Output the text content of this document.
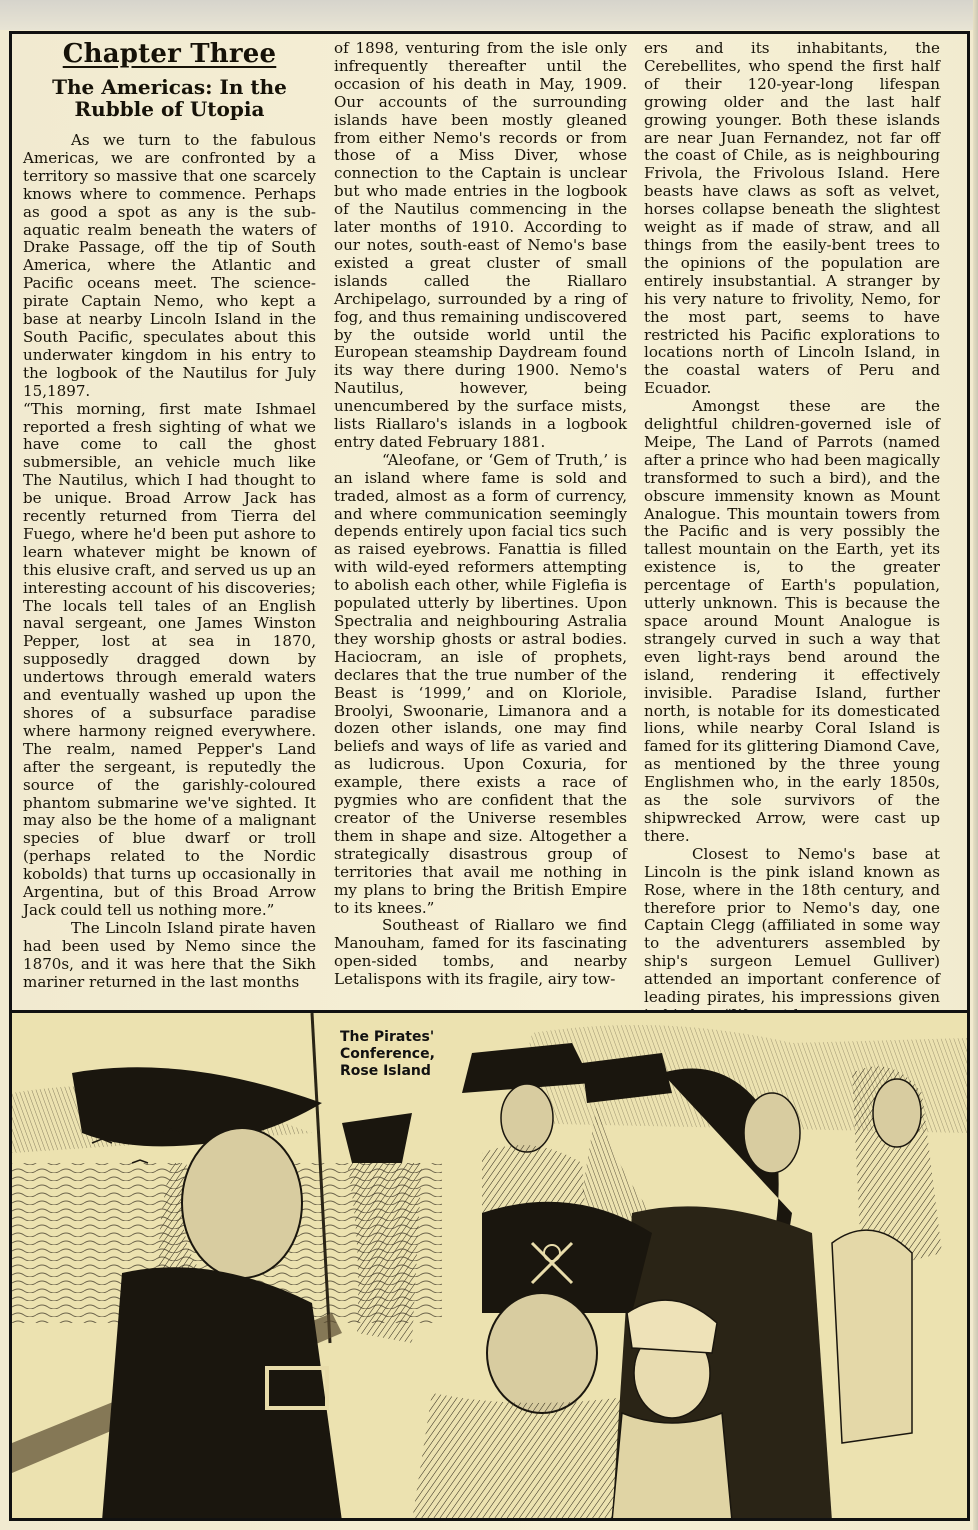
Chapter Three
The Americas: In the Rubble of Utopia

As we turn to the fabulous Americas, we are confronted by a territory so massive that one scarcely knows where to commence. Perhaps as good a spot as any is the sub-aquatic realm beneath the waters of Drake Passage, off the tip of South America, where the Atlantic and Pacific oceans meet. The science-pirate Captain Nemo, who kept a base at nearby Lincoln Island in the South Pacific, speculates about this underwater kingdom in his entry to the logbook of the Nautilus for July 15,1897.

“This morning, first mate Ishmael reported a fresh sighting of what we have come to call the ghost submersible, an vehicle much like The Nautilus, which I had thought to be unique. Broad Arrow Jack has recently returned from Tierra del Fuego, where he'd been put ashore to learn whatever might be known of this elusive craft, and served us up an interesting account of his discoveries; The locals tell tales of an English naval sergeant, one James Winston Pepper, lost at sea in 1870, supposedly dragged down by undertows through emerald waters and eventually washed up upon the shores of a subsurface paradise where harmony reigned everywhere. The realm, named Pepper's Land after the sergeant, is reputedly the source of the garishly-coloured phantom submarine we've sighted. It may also be the home of a malignant species of blue dwarf or troll (perhaps related to the Nordic kobolds) that turns up occasionally in Argentina, but of this Broad Arrow Jack could tell us nothing more.”

The Lincoln Island pirate haven had been used by Nemo since the 1870s, and it was here that the Sikh mariner returned in the last months

of 1898, venturing from the isle only infrequently thereafter until the occasion of his death in May, 1909. Our accounts of the surrounding islands have been mostly gleaned from either Nemo's records or from those of a Miss Diver, whose connection to the Captain is unclear but who made entries in the logbook of the Nautilus commencing in the later months of 1910. According to our notes, south-east of Nemo's base existed a great cluster of small islands called the Riallaro Archipelago, surrounded by a ring of fog, and thus remaining undiscovered by the outside world until the European steamship Daydream found its way there during 1900. Nemo's Nautilus, however, being unencumbered by the surface mists, lists Riallaro's islands in a logbook entry dated February 1881.

“Aleofane, or ‘Gem of Truth,’ is an island where fame is sold and traded, almost as a form of currency, and where communication seemingly depends entirely upon facial tics such as raised eyebrows. Fanattia is filled with wild-eyed reformers attempting to abolish each other, while Figlefia is populated utterly by libertines. Upon Spectralia and neighbouring Astralia they worship ghosts or astral bodies. Haciocram, an isle of prophets, declares that the true number of the Beast is ‘1999,’ and on Kloriole, Broolyi, Swoonarie, Limanora and a dozen other islands, one may find beliefs and ways of life as varied and as ludicrous. Upon Coxuria, for example, there exists a race of pygmies who are confident that the creator of the Universe resembles them in shape and size. Altogether a strategically disastrous group of territories that avail me nothing in my plans to bring the British Empire to its knees.”

Southeast of Riallaro we find Manouham, famed for its fascinating open-sided tombs, and nearby Letalispons with its fragile, airy tow-

ers and its inhabitants, the Cerebellites, who spend the first half of their 120-year-long lifespan growing older and the last half growing younger. Both these islands are near Juan Fernandez, not far off the coast of Chile, as is neighbouring Frivola, the Frivolous Island. Here beasts have claws as soft as velvet, horses collapse beneath the slightest weight as if made of straw, and all things from the easily-bent trees to the opinions of the population are entirely insubstantial. A stranger by his very nature to frivolity, Nemo, for the most part, seems to have restricted his Pacific explorations to locations north of Lincoln Island, in the coastal waters of Peru and Ecuador.

Amongst these are the delightful children-governed isle of Meipe, The Land of Parrots (named after a prince who had been magically transformed to such a bird), and the obscure immensity known as Mount Analogue. This mountain towers from the Pacific and is very possibly the tallest mountain on the Earth, yet its existence is, to the greater percentage of Earth's population, utterly unknown. This is because the space around Mount Analogue is strangely curved in such a way that even light-rays bend around the island, rendering it effectively invisible. Paradise Island, further north, is notable for its domesticated lions, while nearby Coral Island is famed for its glittering Diamond Cave, as mentioned by the three young Englishmen who, in the early 1850s, as the sole survivors of the shipwrecked Arrow, were cast up there.

Closest to Nemo's base at Lincoln is the pink island known as Rose, where in the 18th century, and therefore prior to Nemo's day, one Captain Clegg (affiliated in some way to the adventurers assembled by ship's surgeon Lemuel Gulliver) attended an important conference of leading pirates, his impressions given

The Pirates'
Conference,
Rose Island
